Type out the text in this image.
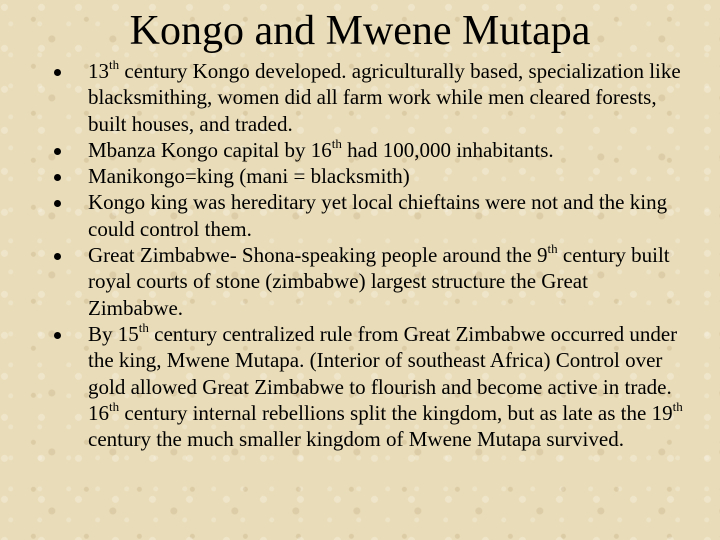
Kongo and Mwene Mutapa
13th century Kongo developed. agriculturally based, specialization like blacksmithing, women did all farm work while men cleared forests, built houses, and traded.
Mbanza Kongo capital by 16th had 100,000 inhabitants.
Manikongo=king (mani = blacksmith)
Kongo king was hereditary yet local chieftains were not and the king could control them.
Great Zimbabwe- Shona-speaking people around the 9th century built royal courts of stone (zimbabwe) largest structure the Great Zimbabwe.
By 15th century centralized rule from Great Zimbabwe occurred under the king, Mwene Mutapa. (Interior of southeast Africa) Control over gold allowed Great Zimbabwe to flourish and become active in trade. 16th century internal rebellions split the kingdom, but as late as the 19th century the much smaller kingdom of Mwene Mutapa survived.
